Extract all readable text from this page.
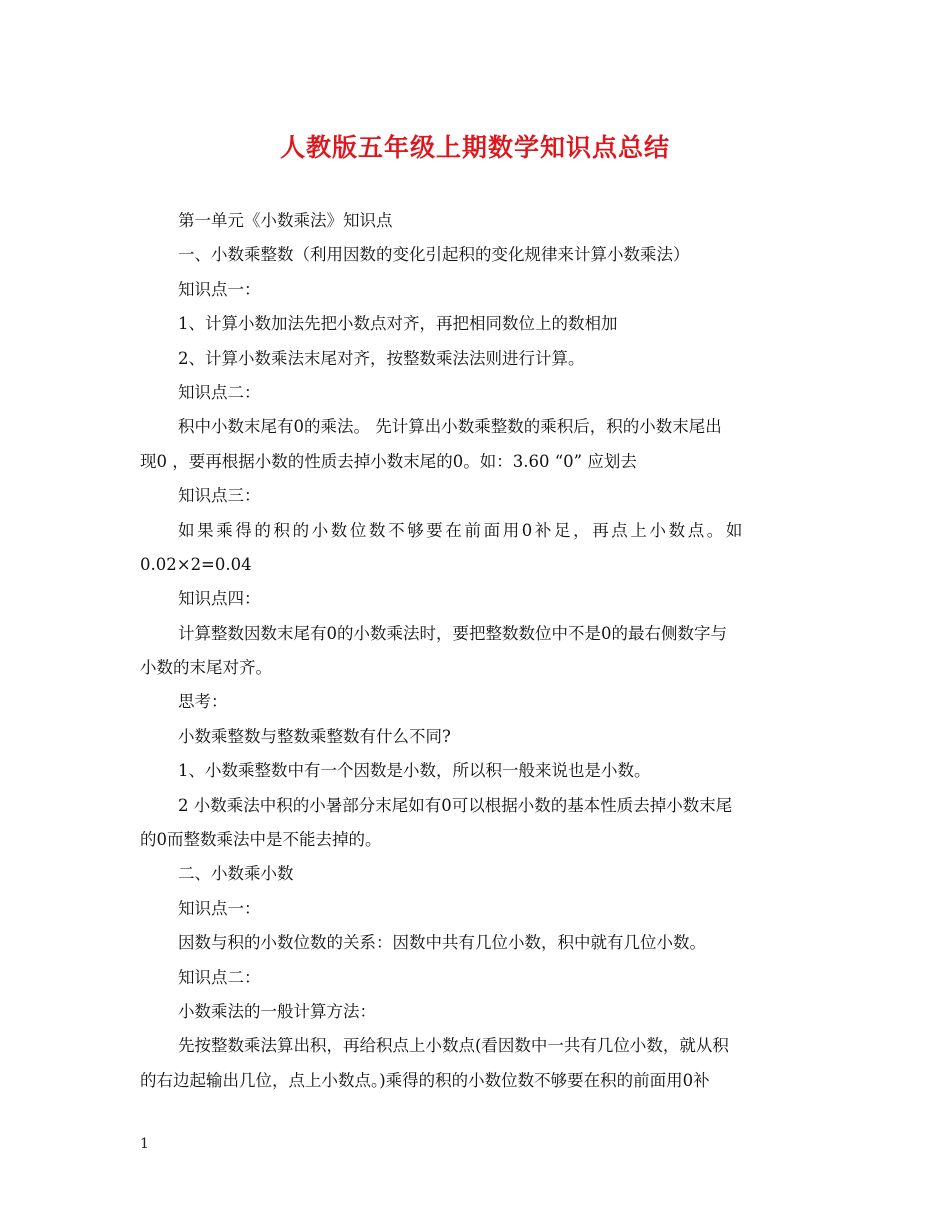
人教版五年级上期数学知识点总结
第一单元《小数乘法》知识点
一、小数乘整数（利用因数的变化引起积的变化规律来计算小数乘法）
知识点一：
1、计算小数加法先把小数点对齐，再把相同数位上的数相加
2、计算小数乘法末尾对齐，按整数乘法法则进行计算。
知识点二：
积中小数末尾有0的乘法。 先计算出小数乘整数的乘积后，积的小数末尾出
现0 ，要再根据小数的性质去掉小数末尾的0。如：3.60 “0” 应划去
知识点三：
如果乘得的积的小数位数不够要在前面用0补足，再点上小数点。如
0.02×2=0.04
知识点四：
计算整数因数末尾有0的小数乘法时，要把整数数位中不是0的最右侧数字与
小数的末尾对齐。
思考：
小数乘整数与整数乘整数有什么不同?
1、小数乘整数中有一个因数是小数，所以积一般来说也是小数。
2 小数乘法中积的小暑部分末尾如有0可以根据小数的基本性质去掉小数末尾
的0而整数乘法中是不能去掉的。
二、小数乘小数
知识点一：
因数与积的小数位数的关系：因数中共有几位小数，积中就有几位小数。
知识点二：
小数乘法的一般计算方法：
先按整数乘法算出积，再给积点上小数点(看因数中一共有几位小数，就从积
的右边起输出几位，点上小数点。)乘得的积的小数位数不够要在积的前面用0补
1
